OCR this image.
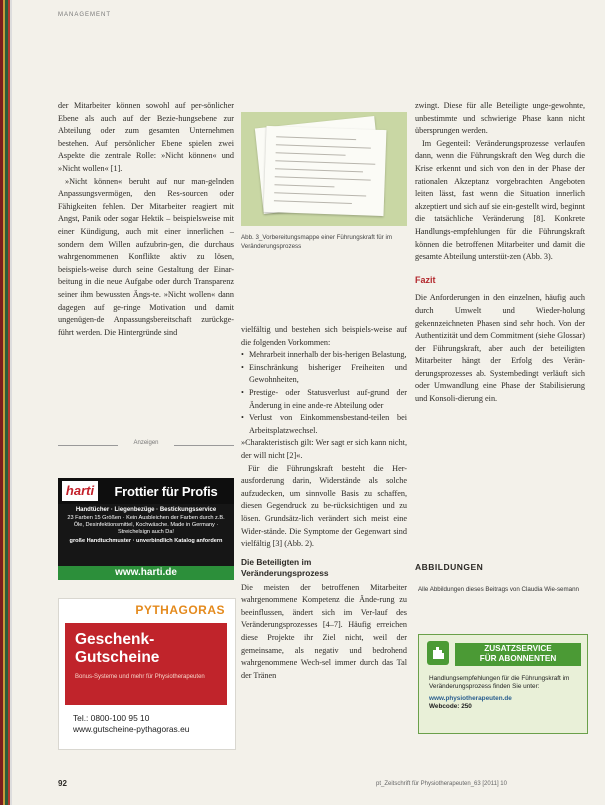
MANAGEMENT

der Mitarbeiter können sowohl auf per-sönlicher Ebene als auch auf der Bezie-hungsebene zur Abteilung oder zum gesamten Unternehmen bestehen. Auf persönlicher Ebene spielen zwei Aspekte die zentrale Rolle: »Nicht können« und »Nicht wollen« [1].

»Nicht können« beruht auf nur man-gelnden Anpassungsvermögen, den Res-sourcen oder Fähigkeiten fehlen. Der Mitarbeiter reagiert mit Angst, Panik oder sogar Hektik – beispielsweise mit einer Kündigung, auch mit einer innerlichen – sondern dem Willen aufzubrin-gen, die durchaus wahrgenommenen Konflikte aktiv zu lösen, beispiels-weise durch seine Gestaltung der Einar-beitung in die neue Aufgabe oder durch Transparenz seiner ihm bewussten Ängs-te. »Nicht wollen« dann dagegen auf ge-ringe Motivation und damit ungenügen-de Anpassungsbereitschaft zurückge-führt werden. Die Hintergründe sind

Abb. 3_Vorbereitungsmappe einer Führungskraft für im Veränderungsprozess

vielfältig und bestehen sich beispiels-weise auf die folgenden Vorkommen:

• Mehrarbeit innerhalb der bis-herigen Belastung,
• Einschränkung bisheriger Freiheiten und Gewohnheiten,
• Prestige- oder Statusverlust auf-grund der Änderung in eine ande-re Abteilung oder
• Verlust von Einkommensbestand-teilen bei Arbeitsplatzwechsel.

»Charakteristisch gilt: Wer sagt er sich kann nicht, der will nicht [2]«.

Für die Führungskraft besteht die Her-ausforderung darin, Widerstände als solche aufzudecken, um sinnvolle Basis zu schaffen, diesen Gegendruck zu be-rücksichtigen und zu lösen. Grundsätz-lich verändert sich meist eine Wider-stände. Die Symptome der Gegenwart sind vielfältig [3] (Abb. 2).

Die Beteiligten im
Veränderungsprozess

Die meisten der betroffenen Mitarbeiter wahrgenommene Kompetenz die Ände-rung zu beeinflussen, ändert sich im Ver-lauf des Veränderungsprozesses [4–7]. Häufig erreichen diese Projekte ihr Ziel nicht, weil der gemeinsame, als negativ und bedrohend wahrgenommene Wech-sel immer durch das Tal der Tränen

zwingt. Diese für alle Beteiligte unge-gewohnte, unbestimmte und schwierige Phase kann nicht übersprungen werden.

Im Gegenteil: Veränderungsprozesse verlaufen dann, wenn die Führungskraft den Weg durch die Krise erkennt und sich von den in der Phase der rationalen Akzeptanz vorgebrachten Angeboten leiten lässt, fast wenn die Situation innerlich akzeptiert und sich auf sie ein-gestellt wird, beginnt die tatsächliche Veränderung [8]. Konkrete Handlungs-empfehlungen für die Führungskraft können die betroffenen Mitarbeiter und damit die gesamte Abteilung unterstüt-zen (Abb. 3).

Fazit

Die Anforderungen in den einzelnen, häufig auch durch Umwelt und Wieder-holung gekennzeichneten Phasen sind sehr hoch. Von der Authentizität und dem Commitment (siehe Glossar) der Führungskraft, aber auch der beteiligten Mitarbeiter hängt der Erfolg des Verän-derungsprozesses ab. Systembedingt verläuft sich oder Umwandlung eine Phase der Stabilisierung und Konsoli-dierung ein.

ABBILDUNGEN
Alle Abbildungen dieses Beitrags von Claudia Wie-semann
Anzeigen
harti	Frottier für Profis
Handtücher · Liegenbezüge · Bestickungsservice
23 Farben 15 Größen · Kein Ausbleichen der Farben durch z.B. Öle, Desinfektionsmittel, Kochwäsche. Made in Germany · Streichelsign auch Da!
große Handtuchmuster · unverbindlich Katalog anfordern
www.harti.de
PYTHAGORAS
Geschenk-
Gutscheine
Bonus-Systeme und mehr für Physiotherapeuten
Tel.: 0800-100 95 10
www.gutscheine-pythagoras.eu
ZUSATZSERVICE
FÜR ABONNENTEN
Handlungsempfehlungen für die Führungskraft im Veränderungsprozess finden Sie unter:
www.physiotherapeuten.de
Webcode: 250
92	pt_Zeitschrift für Physiotherapeuten_63 [2011] 10
